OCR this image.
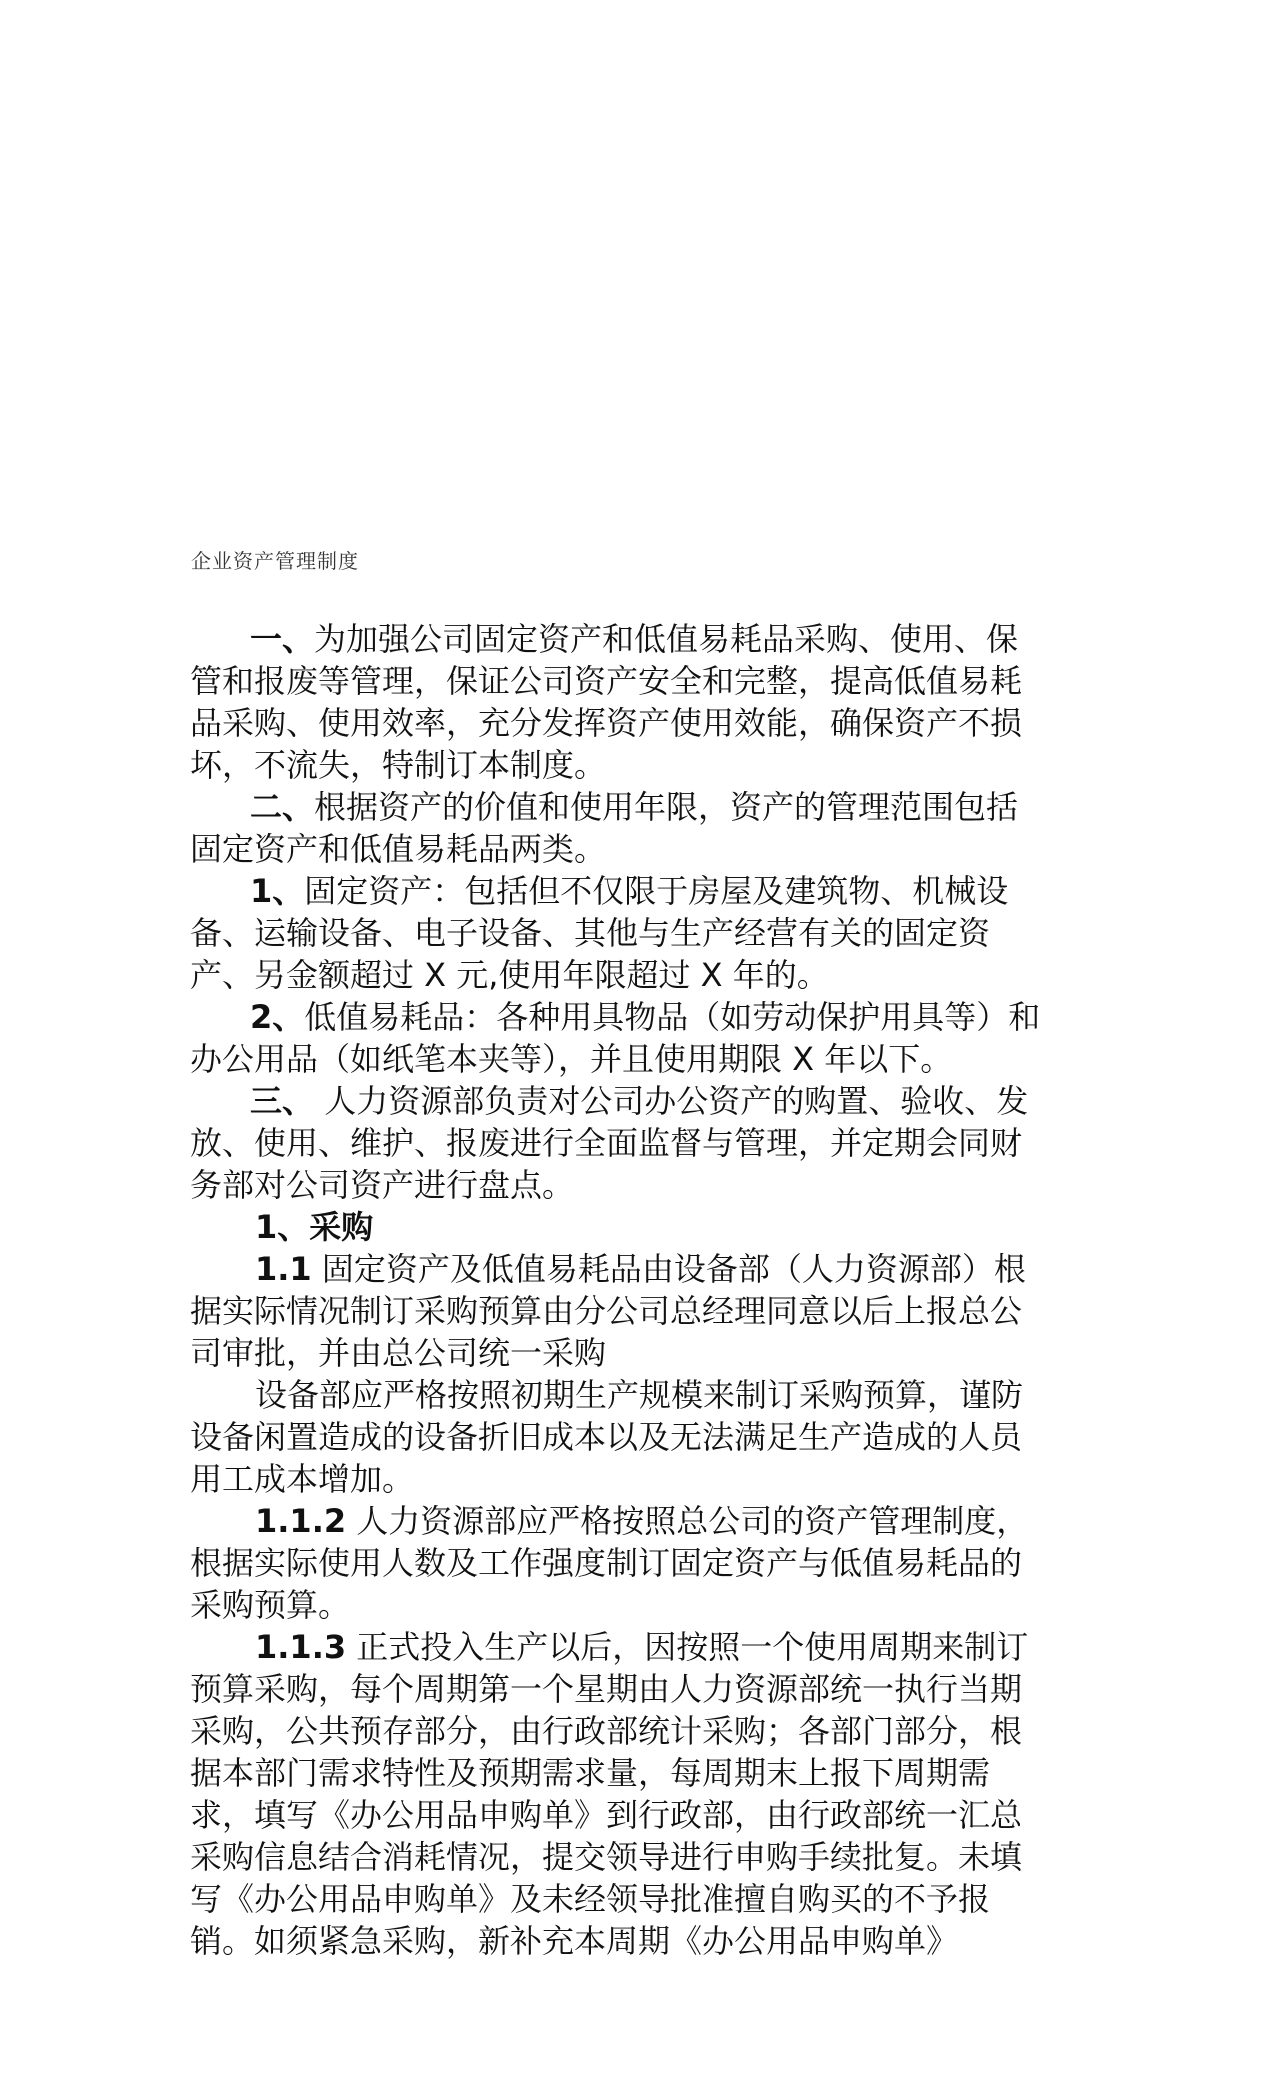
企业资产管理制度

一、为加强公司固定资产和低值易耗品采购、使用、保管和报废等管理，保证公司资产安全和完整，提高低值易耗品采购、使用效率，充分发挥资产使用效能，确保资产不损坏，不流失，特制订本制度。

二、根据资产的价值和使用年限，资产的管理范围包括固定资产和低值易耗品两类。

1、固定资产：包括但不仅限于房屋及建筑物、机械设备、运输设备、电子设备、其他与生产经营有关的固定资产、另金额超过 X 元,使用年限超过 X 年的。

2、低值易耗品：各种用具物品（如劳动保护用具等）和办公用品（如纸笔本夹等），并且使用期限 X 年以下。

三、 人力资源部负责对公司办公资产的购置、验收、发放、使用、维护、报废进行全面监督与管理，并定期会同财务部对公司资产进行盘点。

1、采购

1.1 固定资产及低值易耗品由设备部（人力资源部）根据实际情况制订采购预算由分公司总经理同意以后上报总公司审批，并由总公司统一采购

设备部应严格按照初期生产规模来制订采购预算，谨防设备闲置造成的设备折旧成本以及无法满足生产造成的人员用工成本增加。

1.1.2 人力资源部应严格按照总公司的资产管理制度，根据实际使用人数及工作强度制订固定资产与低值易耗品的采购预算。

1.1.3 正式投入生产以后，因按照一个使用周期来制订预算采购，每个周期第一个星期由人力资源部统一执行当期采购，公共预存部分，由行政部统计采购；各部门部分，根据本部门需求特性及预期需求量，每周期末上报下周期需求，填写《办公用品申购单》到行政部，由行政部统一汇总采购信息结合消耗情况，提交领导进行申购手续批复。未填写《办公用品申购单》及未经领导批准擅自购买的不予报销。如须紧急采购，新补充本周期《办公用品申购单》
